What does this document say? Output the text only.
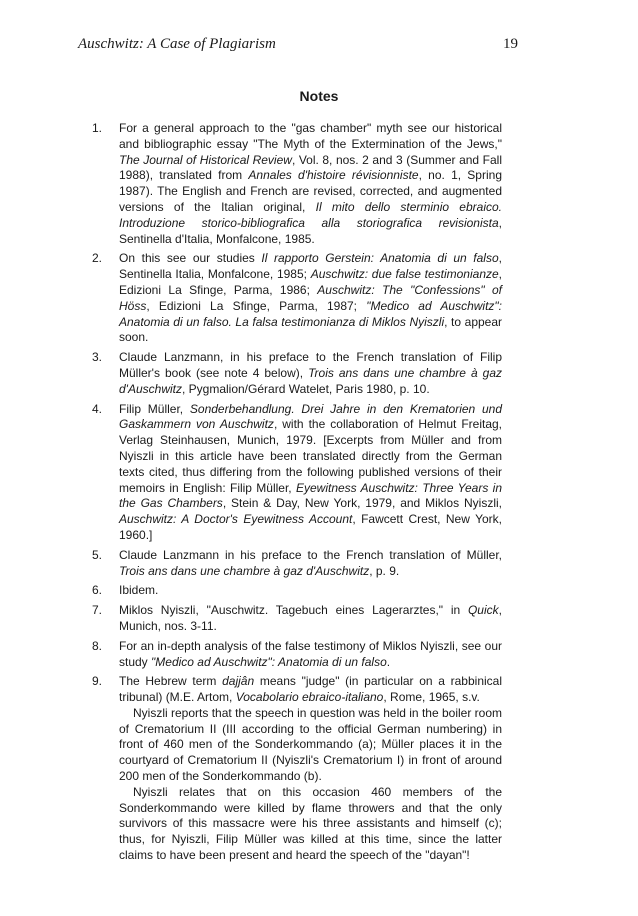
Auschwitz: A Case of Plagiarism	19
Notes
1 . For a general approach to the "gas chamber" myth see our historical and bibliographic essay "The Myth of the Extermination of the Jews," The Journal of Historical Review, Vol. 8, nos. 2 and 3 (Summer and Fall 1988), translated from Annales d'histoire révisionniste, no. 1, Spring 1987). The English and French are revised, corrected, and augmented versions of the Italian original, Il mito dello sterminio ebraico. Introduzione storico-bibliografica alla storiografica revisionista, Sentinella d'Italia, Monfalcone, 1985.
2 . On this see our studies Il rapporto Gerstein: Anatomia di un falso, Sentinella Italia, Monfalcone, 1985; Auschwitz: due false testimonianze, Edizioni La Sfinge, Parma, 1986; Auschwitz: The "Confessions" of Höss, Edizioni La Sfinge, Parma, 1987; "Medico ad Auschwitz": Anatomia di un falso. La falsa testimonianza di Miklos Nyiszli, to appear soon.
3 . Claude Lanzmann, in his preface to the French translation of Filip Müller's book (see note 4 below), Trois ans dans une chambre à gaz d'Auschwitz, Pygmalion/Gérard Watelet, Paris 1980, p. 10.
4 . Filip Müller, Sonderbehandlung. Drei Jahre in den Krematorien und Gaskammern von Auschwitz, with the collaboration of Helmut Freitag, Verlag Steinhausen, Munich, 1979. [Excerpts from Müller and from Nyiszli in this article have been translated directly from the German texts cited, thus differing from the following published versions of their memoirs in English: Filip Müller, Eyewitness Auschwitz: Three Years in the Gas Chambers, Stein & Day, New York, 1979, and Miklos Nyiszli, Auschwitz: A Doctor's Eyewitness Account, Fawcett Crest, New York, 1960.]
5 . Claude Lanzmann in his preface to the French translation of Müller, Trois ans dans une chambre à gaz d'Auschwitz, p. 9.
6 . Ibidem.
7 . Miklos Nyiszli, "Auschwitz. Tagebuch eines Lagerarztes," in Quick, Munich, nos. 3-11.
8 . For an in-depth analysis of the false testimony of Miklos Nyiszli, see our study "Medico ad Auschwitz": Anatomia di un falso.
9 . The Hebrew term dajjân means "judge" (in particular on a rabbinical tribunal) (M.E. Artom, Vocabolario ebraico-italiano, Rome, 1965, s.v.
Nyiszli reports that the speech in question was held in the boiler room of Crematorium II (III according to the official German numbering) in front of 460 men of the Sonderkommando (a); Müller places it in the courtyard of Crematorium II (Nyiszli's Crematorium I) in front of around 200 men of the Sonderkommando (b).
Nyiszli relates that on this occasion 460 members of the Sonderkommando were killed by flame throwers and that the only survivors of this massacre were his three assistants and himself (c); thus, for Nyiszli, Filip Müller was killed at this time, since the latter claims to have been present and heard the speech of the "dayan"!
